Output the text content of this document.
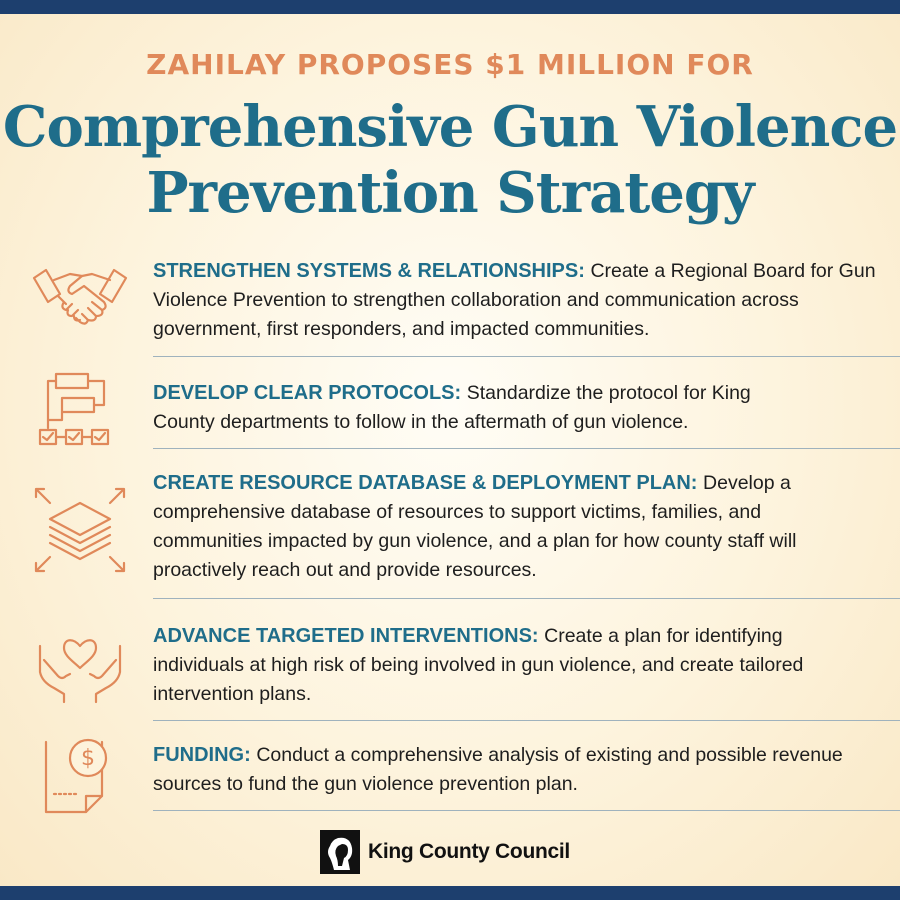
ZAHILAY PROPOSES $1 MILLION FOR
Comprehensive Gun Violence
Prevention Strategy
STRENGTHEN SYSTEMS & RELATIONSHIPS: Create a Regional Board for Gun Violence Prevention to strengthen collaboration and communication across government, first responders, and impacted communities.
DEVELOP CLEAR PROTOCOLS: Standardize the protocol for King County departments to follow in the aftermath of gun violence.
CREATE RESOURCE DATABASE & DEPLOYMENT PLAN: Develop a comprehensive database of resources to support victims, families, and communities impacted by gun violence, and a plan for how county staff will proactively reach out and provide resources.
ADVANCE TARGETED INTERVENTIONS: Create a plan for identifying individuals at high risk of being involved in gun violence, and create tailored intervention plans.
$	FUNDING: Conduct a comprehensive analysis of existing and possible revenue sources to fund the gun violence prevention plan.
King County Council
